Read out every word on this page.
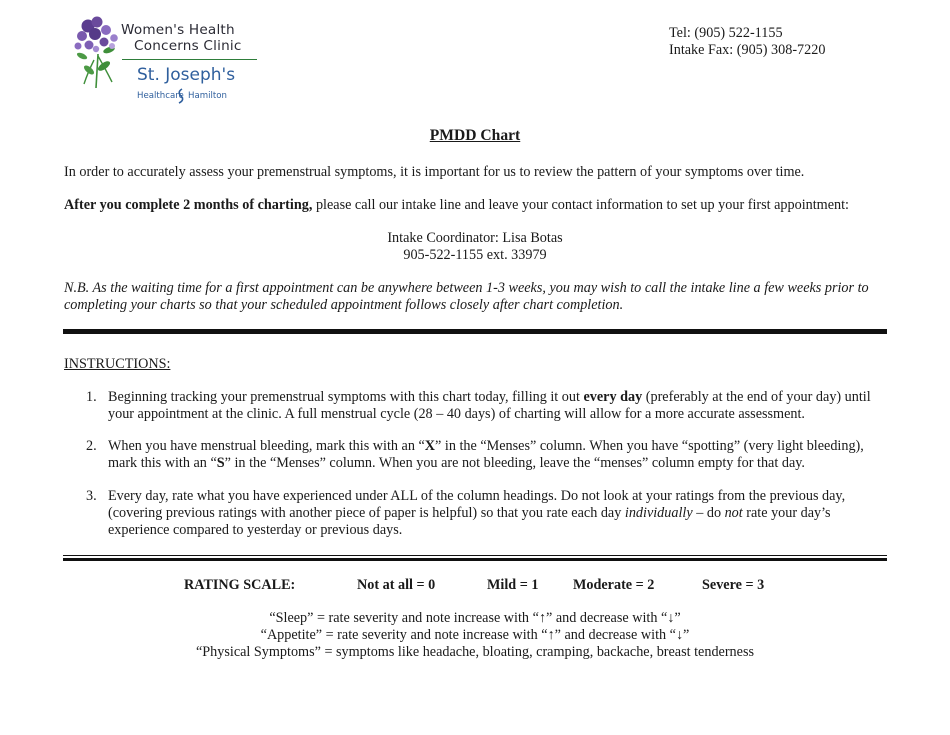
Women's Health
Concerns Clinic
St. Joseph's
Healthcare Hamilton
Tel: (905) 522-1155
Intake Fax: (905) 308-7220
PMDD Chart
In order to accurately assess your premenstrual symptoms, it is important for us to review the pattern of your symptoms over time.
After you complete 2 months of charting, please call our intake line and leave your contact information to set up your first appointment:
Intake Coordinator: Lisa Botas
905-522-1155 ext. 33979
N.B. As the waiting time for a first appointment can be anywhere between 1-3 weeks, you may wish to call the intake line a few weeks prior to completing your charts so that your scheduled appointment follows closely after chart completion.
INSTRUCTIONS:
1. Beginning tracking your premenstrual symptoms with this chart today, filling it out every day (preferably at the end of your day) until your appointment at the clinic. A full menstrual cycle (28 – 40 days) of charting will allow for a more accurate assessment.
2. When you have menstrual bleeding, mark this with an “X” in the “Menses” column. When you have “spotting” (very light bleeding), mark this with an “S” in the “Menses” column. When you are not bleeding, leave the “menses” column empty for that day.
3. Every day, rate what you have experienced under ALL of the column headings. Do not look at your ratings from the previous day, (covering previous ratings with another piece of paper is helpful) so that you rate each day individually – do not rate your day’s experience compared to yesterday or previous days.
RATING SCALE:	Not at all = 0	Mild = 1 Moderate = 2	Severe = 3
“Sleep” = rate severity and note increase with “↑” and decrease with “↓”
“Appetite” = rate severity and note increase with “↑” and decrease with “↓”
“Physical Symptoms” = symptoms like headache, bloating, cramping, backache, breast tenderness
